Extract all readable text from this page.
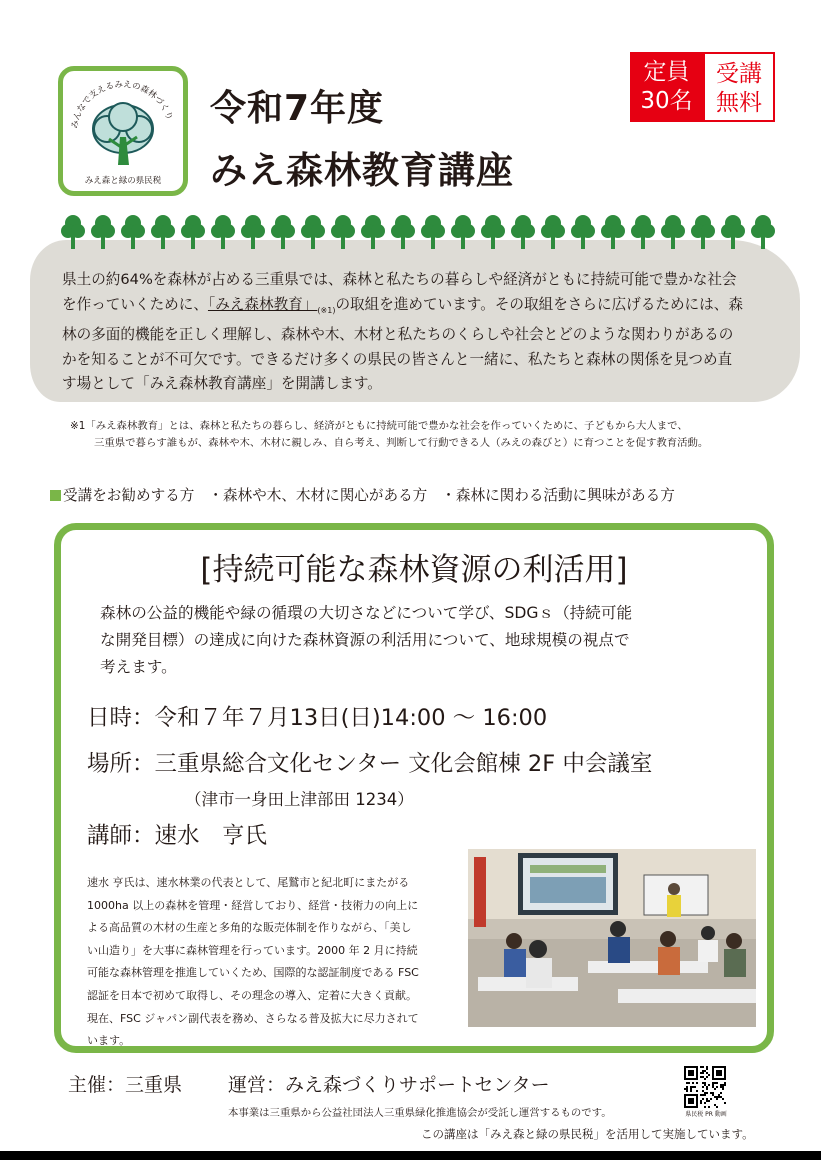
みんなで支えるみえの森林づくり
みえ森と緑の県民税
令和7年度
みえ森林教育講座
定員
30名
受講
無料
県土の約64%を森林が占める三重県では、森林と私たちの暮らしや経済がともに持続可能で豊かな社会
を作っていくために、「みえ森林教育」$_{(※1)}$の取組を進めています。その取組をさらに広げるためには、森
林の多面的機能を正しく理解し、森林や木、木材と私たちのくらしや社会とどのような関わりがあるの
かを知ることが不可欠です。できるだけ多くの県民の皆さんと一緒に、私たちと森林の関係を見つめ直
す場として「みえ森林教育講座」を開講します。
※1「みえ森林教育」とは、森林と私たちの暮らし、経済がともに持続可能で豊かな社会を作っていくために、子どもから大人まで、
三重県で暮らす誰もが、森林や木、木材に親しみ、自ら考え、判断して行動できる人（みえの森びと）に育つことを促す教育活動。
受講をお勧めする方 ・森林や木、木材に関心がある方 ・森林に関わる活動に興味がある方
[持続可能な森林資源の利活用]
森林の公益的機能や緑の循環の大切さなどについて学び、SDGｓ（持続可能
な開発目標）の達成に向けた森林資源の利活用について、地球規模の視点で
考えます。
日時：令和７年７月13日(日)14:00 〜 16:00
場所：三重県総合文化センター 文化会館棟 2F 中会議室
（津市一身田上津部田 1234）
講師：速水　亨氏
速水 亨氏は、速水林業の代表として、尾鷲市と紀北町にまたがる
1000ha 以上の森林を管理・経営しており、経営・技術力の向上に
よる高品質の木材の生産と多角的な販売体制を作りながら、「美し
い山造り」を大事に森林管理を行っています。2000 年 2 月に持続
可能な森林管理を推進していくため、国際的な認証制度である FSC
認証を日本で初めて取得し、その理念の導入、定着に大きく貢献。
現在、FSC ジャパン副代表を務め、さらなる普及拡大に尽力されて
います。
主催：三重県 運営：みえ森づくりサポートセンター
本事業は三重県から公益社団法人三重県緑化推進協会が受託し運営するものです。
この講座は「みえ森と緑の県民税」を活用して実施しています。
県民税 PR 動画
